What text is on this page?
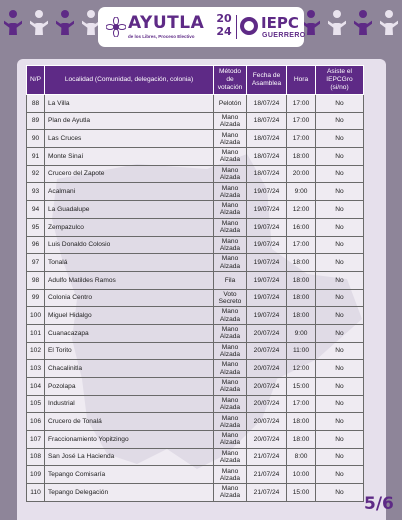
AYUTLA
de los Libres, Proceso Electivo
20
24 IEPC
GUERRERO
N/P	Localidad (Comunidad, delegación, colonia)	Método de votación	Fecha de Asamblea	Hora	Asiste el IEPCGro (si/no)
88	La Villa	Pelotón	18/07/24	17:00	No
89	Plan de Ayutla	Mano Alzada	18/07/24	17:00	No
90	Las Cruces	Mano Alzada	18/07/24	17:00	No
91	Monte Sinaí	Mano Alzada	18/07/24	18:00	No
92	Crucero del Zapote	Mano Alzada	18/07/24	20:00	No
93	Acalmani	Mano Alzada	19/07/24	9:00	No
94	La Guadalupe	Mano Alzada	19/07/24	12:00	No
95	Zempazulco	Mano Alzada	19/07/24	16:00	No
96	Luis Donaldo Colosio	Mano Alzada	19/07/24	17:00	No
97	Tonalá	Mano Alzada	19/07/24	18:00	No
98	Adulfo Matildes Ramos	Fila	19/07/24	18:00	No
99	Colonia Centro	Voto Secreto	19/07/24	18:00	No
100	Miguel Hidalgo	Mano Alzada	19/07/24	18:00	No
101	Cuanacazapa	Mano Alzada	20/07/24	9:00	No
102	El Torito	Mano Alzada	20/07/24	11:00	No
103	Chacalinitla	Mano Alzada	20/07/24	12:00	No
104	Pozolapa	Mano Alzada	20/07/24	15:00	No
105	Industrial	Mano Alzada	20/07/24	17:00	No
106	Crucero de Tonalá	Mano Alzada	20/07/24	18:00	No
107	Fraccionamiento Yopitzingo	Mano Alzada	20/07/24	18:00	No
108	San José La Hacienda	Mano Alzada	21/07/24	8:00	No
109	Tepango Comisaría	Mano Alzada	21/07/24	10:00	No
110	Tepango Delegación	Mano Alzada	21/07/24	15:00	No
5/6
